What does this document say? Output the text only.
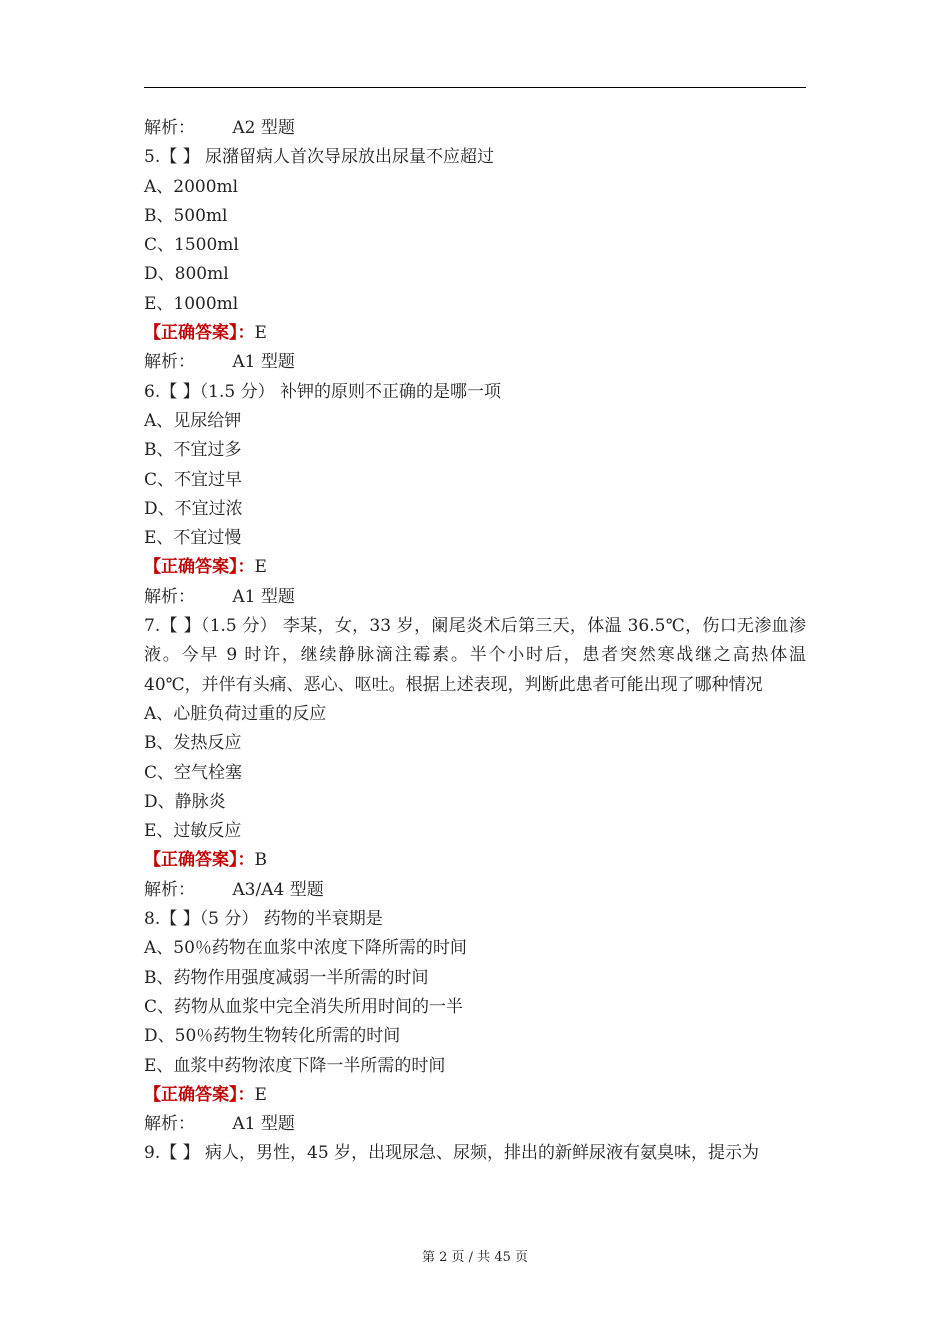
解析： A2 型题
5.【 】 尿潴留病人首次导尿放出尿量不应超过
A、2000ml
B、500ml
C、1500ml
D、800ml
E、1000ml
【正确答案】：E
解析： A1 型题
6.【 】（1.5 分） 补钾的原则不正确的是哪一项
A、见尿给钾
B、不宜过多
C、不宜过早
D、不宜过浓
E、不宜过慢
【正确答案】：E
解析： A1 型题
7.【 】（1.5 分） 李某，女，33 岁，阑尾炎术后第三天，体温 36.5℃，伤口无渗血渗液。今早 9 时许，继续静脉滴注霉素。半个小时后，患者突然寒战继之高热体温 40℃，并伴有头痛、恶心、呕吐。根据上述表现，判断此患者可能出现了哪种情况
A、心脏负荷过重的反应
B、发热反应
C、空气栓塞
D、静脉炎
E、过敏反应
【正确答案】：B
解析： A3/A4 型题
8.【 】（5 分） 药物的半衰期是
A、50％药物在血浆中浓度下降所需的时间
B、药物作用强度减弱一半所需的时间
C、药物从血浆中完全消失所用时间的一半
D、50％药物生物转化所需的时间
E、血浆中药物浓度下降一半所需的时间
【正确答案】：E
解析： A1 型题
9.【 】 病人，男性，45 岁，出现尿急、尿频，排出的新鲜尿液有氨臭味，提示为
第 2 页 / 共 45 页
